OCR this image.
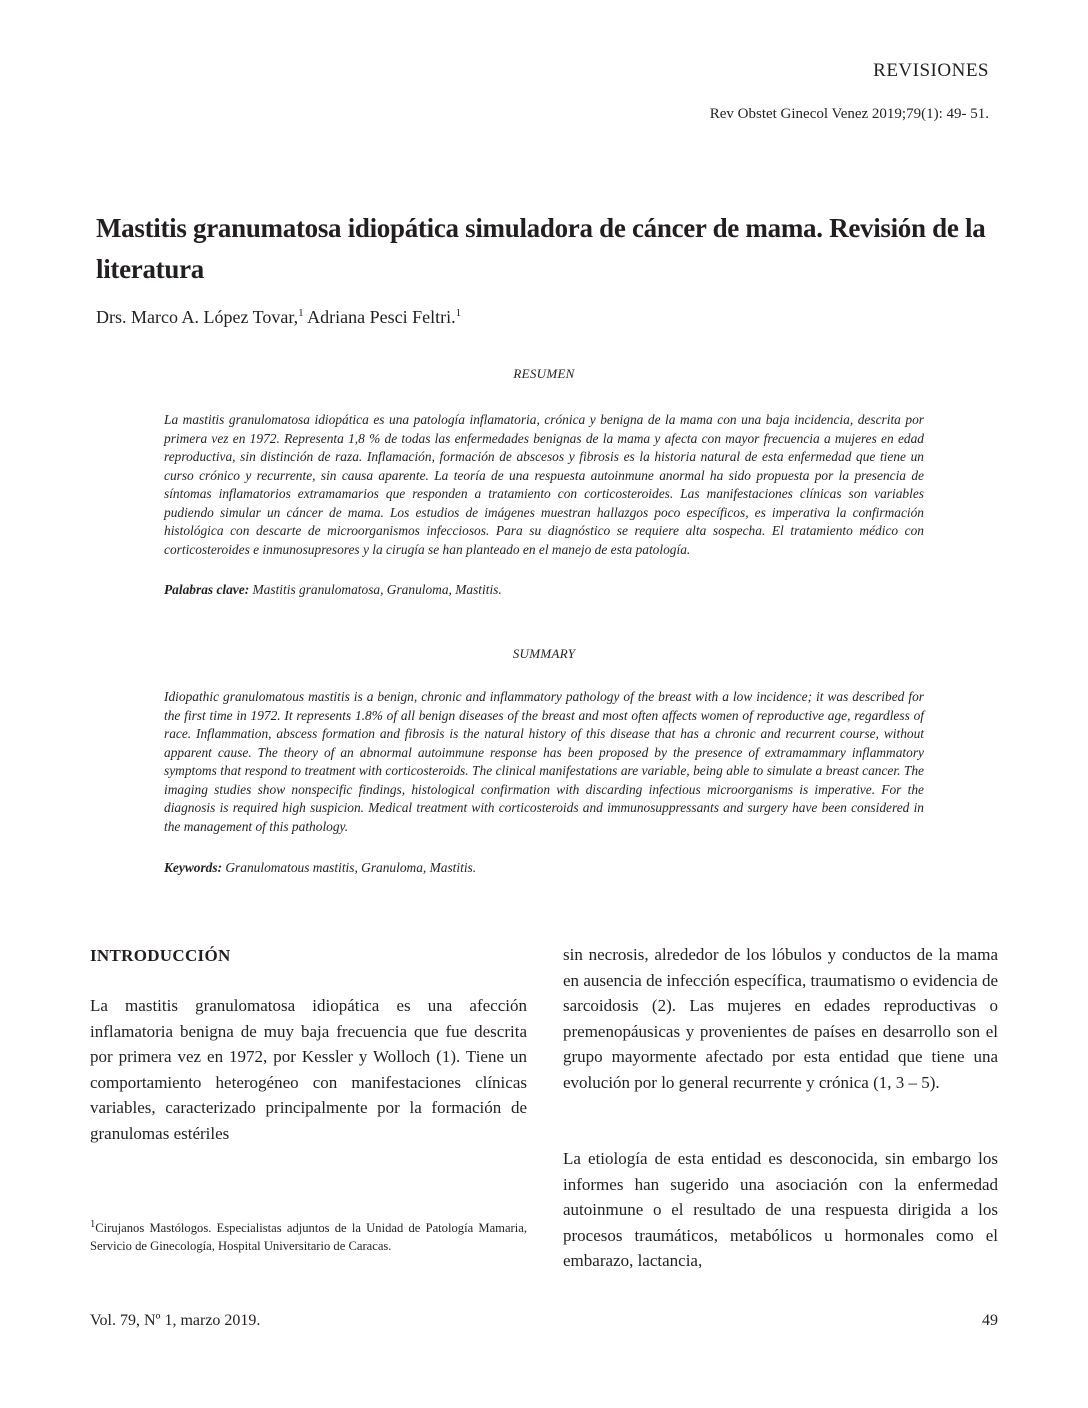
REVISIONES
Rev Obstet Ginecol Venez 2019;79(1): 49- 51.
Mastitis granumatosa idiopática simuladora de cáncer de mama. Revisión de la literatura
Drs. Marco A. López Tovar,$^1$ Adriana Pesci Feltri.$^1$
RESUMEN
La mastitis granulomatosa idiopática es una patología inflamatoria, crónica y benigna de la mama con una baja incidencia, descrita por primera vez en 1972. Representa 1,8 % de todas las enfermedades benignas de la mama y afecta con mayor frecuencia a mujeres en edad reproductiva, sin distinción de raza. Inflamación, formación de abscesos y fibrosis es la historia natural de esta enfermedad que tiene un curso crónico y recurrente, sin causa aparente. La teoría de una respuesta autoinmune anormal ha sido propuesta por la presencia de síntomas inflamatorios extramamarios que responden a tratamiento con corticosteroides. Las manifestaciones clínicas son variables pudiendo simular un cáncer de mama. Los estudios de imágenes muestran hallazgos poco específicos, es imperativa la confirmación histológica con descarte de microorganismos infecciosos. Para su diagnóstico se requiere alta sospecha. El tratamiento médico con corticosteroides e inmunosupresores y la cirugía se han planteado en el manejo de esta patología.
Palabras clave: Mastitis granulomatosa, Granuloma, Mastitis.
SUMMARY
Idiopathic granulomatous mastitis is a benign, chronic and inflammatory pathology of the breast with a low incidence; it was described for the first time in 1972. It represents 1.8% of all benign diseases of the breast and most often affects women of reproductive age, regardless of race. Inflammation, abscess formation and fibrosis is the natural history of this disease that has a chronic and recurrent course, without apparent cause. The theory of an abnormal autoimmune response has been proposed by the presence of extramammary inflammatory symptoms that respond to treatment with corticosteroids. The clinical manifestations are variable, being able to simulate a breast cancer. The imaging studies show nonspecific findings, histological confirmation with discarding infectious microorganisms is imperative. For the diagnosis is required high suspicion. Medical treatment with corticosteroids and immunosuppressants and surgery have been considered in the management of this pathology.
Keywords: Granulomatous mastitis, Granuloma, Mastitis.
INTRODUCCIÓN
La mastitis granulomatosa idiopática es una afección inflamatoria benigna de muy baja frecuencia que fue descrita por primera vez en 1972, por Kessler y Wolloch (1). Tiene un comportamiento heterogéneo con manifestaciones clínicas variables, caracterizado principalmente por la formación de granulomas estériles
$^1$Cirujanos Mastólogos. Especialistas adjuntos de la Unidad de Patología Mamaria, Servicio de Ginecología, Hospital Universitario de Caracas.
sin necrosis, alrededor de los lóbulos y conductos de la mama en ausencia de infección específica, traumatismo o evidencia de sarcoidosis (2). Las mujeres en edades reproductivas o premenopáusicas y provenientes de países en desarrollo son el grupo mayormente afectado por esta entidad que tiene una evolución por lo general recurrente y crónica (1, 3 – 5).
La etiología de esta entidad es desconocida, sin embargo los informes han sugerido una asociación con la enfermedad autoinmune o el resultado de una respuesta dirigida a los procesos traumáticos, metabólicos u hormonales como el embarazo, lactancia,
Vol. 79, Nº 1, marzo 2019.	49
